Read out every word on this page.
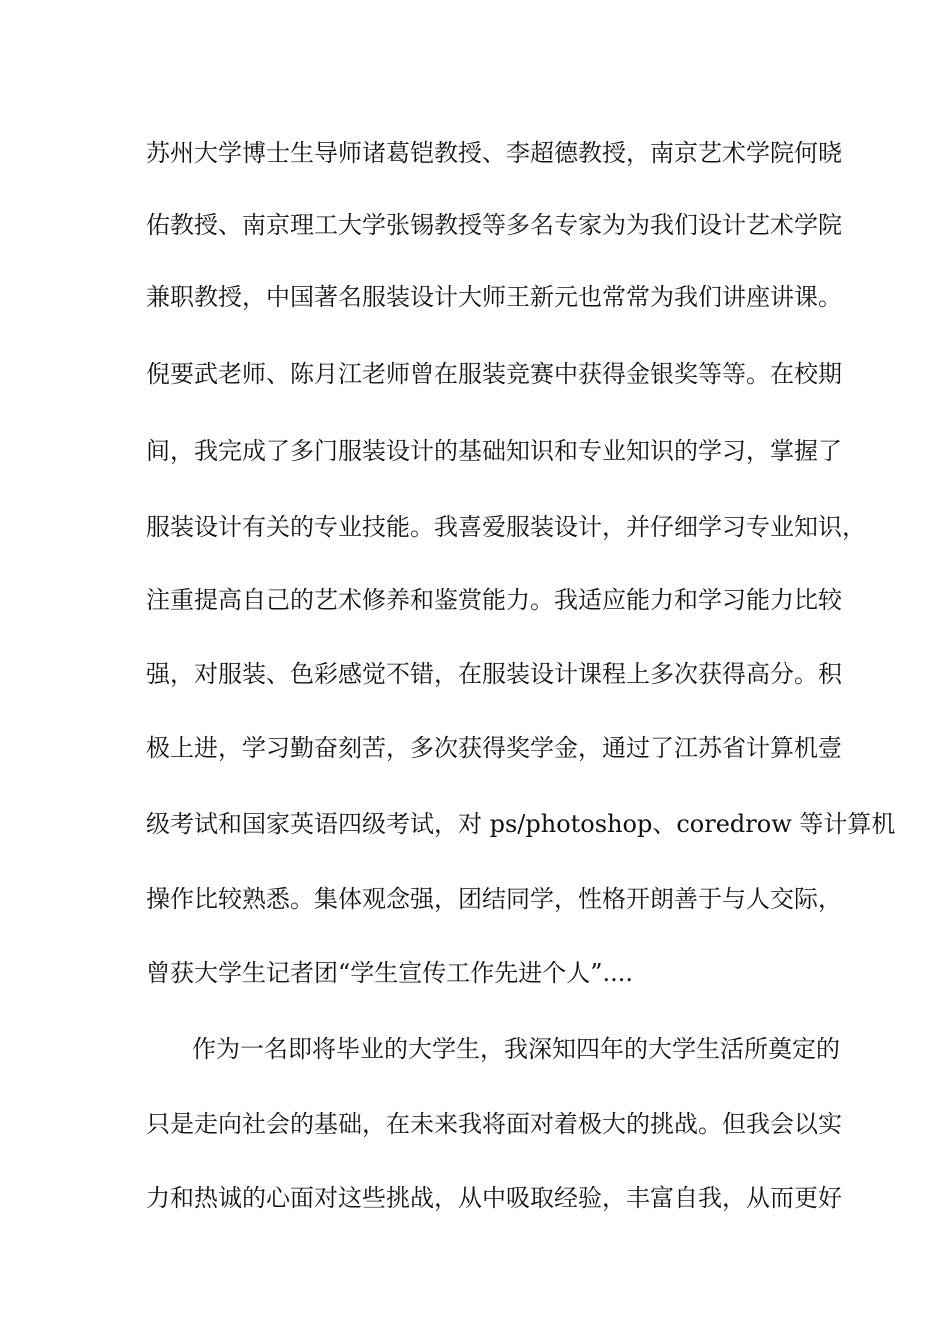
苏州大学博士生导师诸葛铠教授、李超德教授，南京艺术学院何晓
佑教授、南京理工大学张锡教授等多名专家为为我们设计艺术学院
兼职教授，中国著名服装设计大师王新元也常常为我们讲座讲课。
倪要武老师、陈月江老师曾在服装竞赛中获得金银奖等等。在校期
间，我完成了多门服装设计的基础知识和专业知识的学习，掌握了
服装设计有关的专业技能。我喜爱服装设计，并仔细学习专业知识，
注重提高自己的艺术修养和鉴赏能力。我适应能力和学习能力比较
强，对服装、色彩感觉不错，在服装设计课程上多次获得高分。积
极上进，学习勤奋刻苦，多次获得奖学金，通过了江苏省计算机壹
级考试和国家英语四级考试，对 ps/photoshop、coredrow 等计算机
操作比较熟悉。集体观念强，团结同学，性格开朗善于与人交际，
曾获大学生记者团“学生宣传工作先进个人”....
作为一名即将毕业的大学生，我深知四年的大学生活所奠定的
只是走向社会的基础，在未来我将面对着极大的挑战。但我会以实
力和热诚的心面对这些挑战，从中吸取经验，丰富自我，从而更好
